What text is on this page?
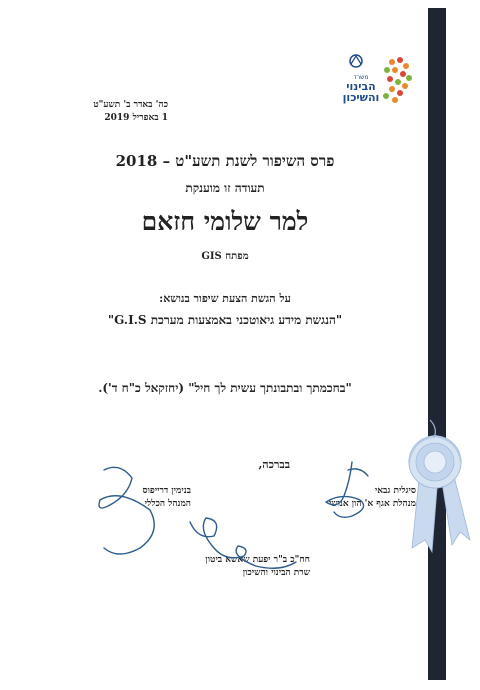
משרד
הבינוי
והשיכון
כה' באדר ב' תשע"ט
1 באפריל 2019
פרס השיפור לשנת תשע"ט – 2018
תעודה זו מוענקת
למר שלומי חזאם
מפתח GIS
על הגשת הצעת שיפור בנושא:
"הנגשת מידע גיאוטכני באמצעות מערכת G.I.S"
"בחכמתך ובתבונתך עשית לך חיל" (יחזקאל כ"ח ד').
בברכה,
בנימין דרייפוס
המנהל הכללי
סיגלית גבאי
מנהלת אגף א' הון אנושי
חח"כ ב"ר יפעת שאשא ביטון
שרת הבינוי והשיכון
